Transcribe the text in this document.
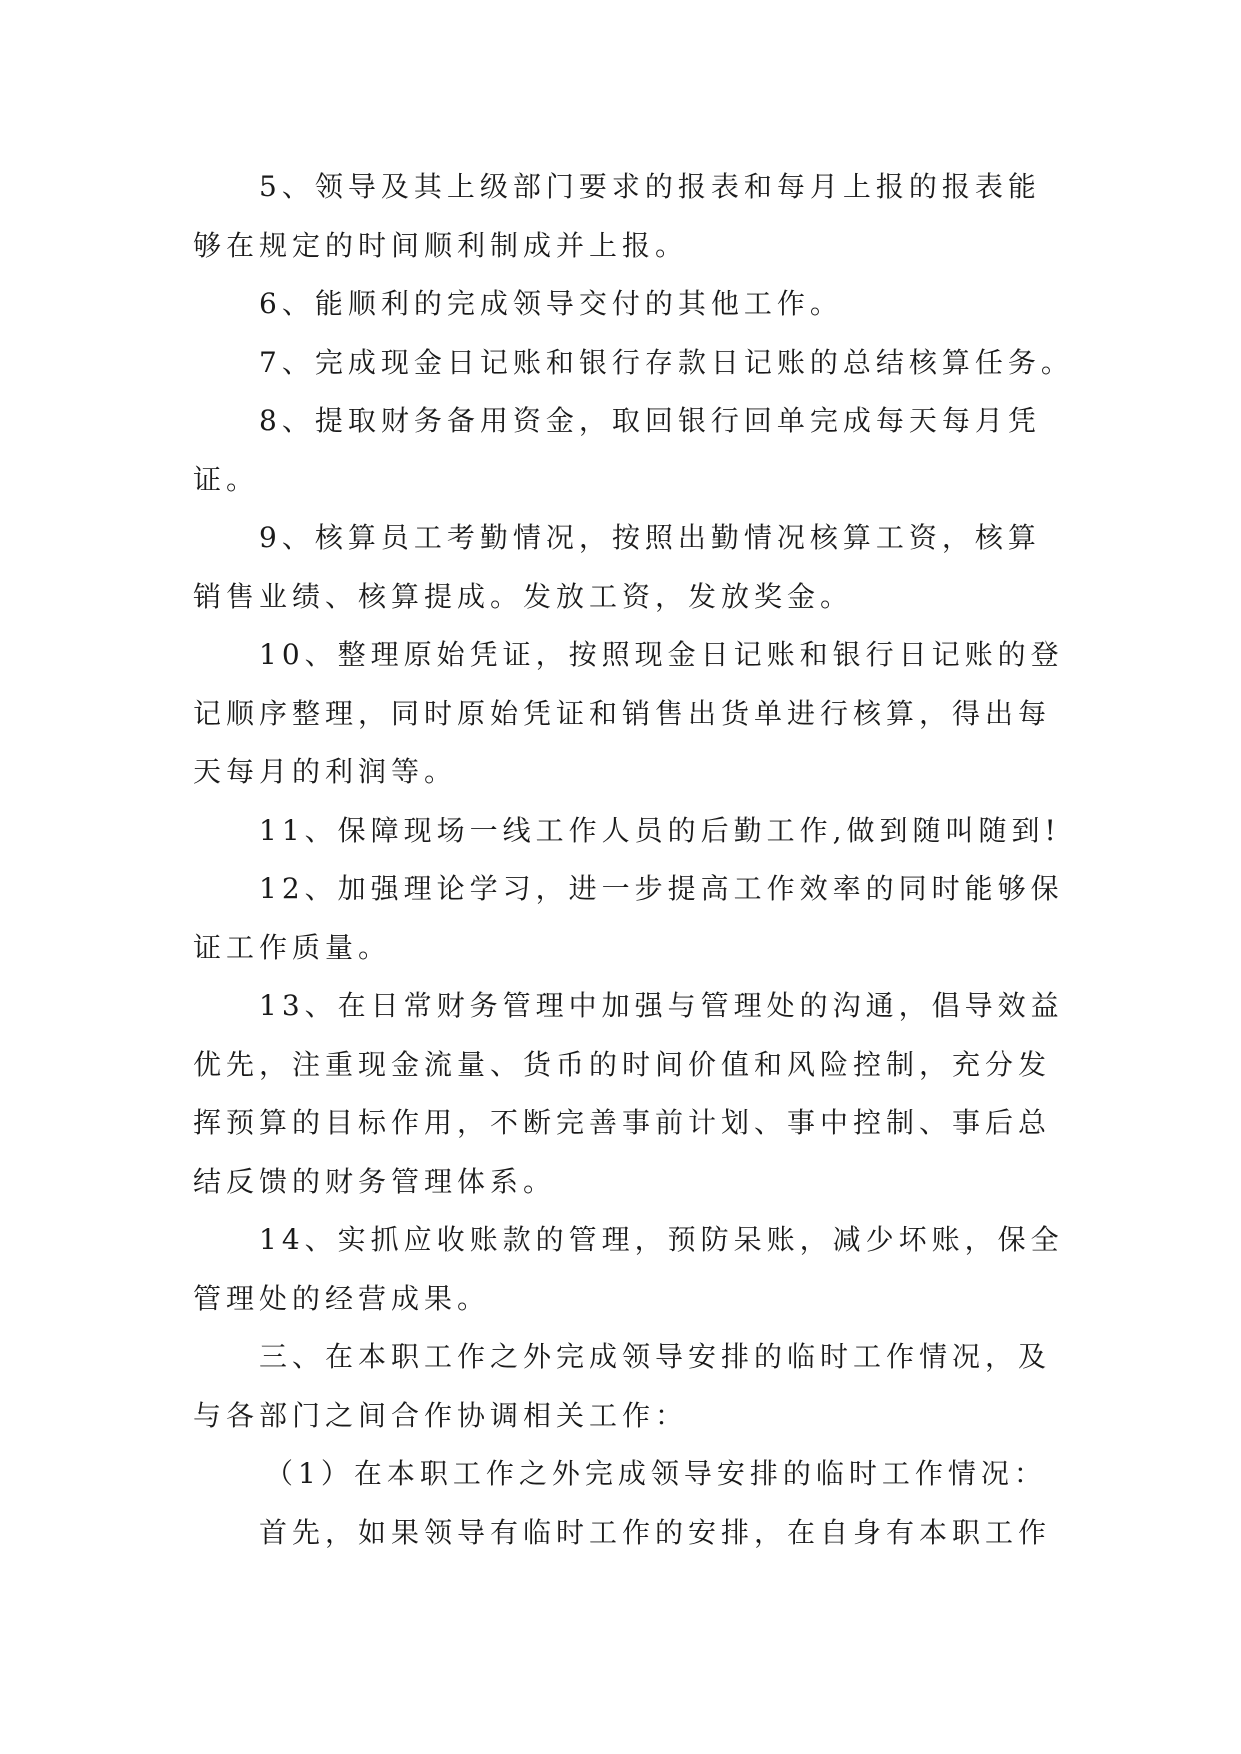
5、领导及其上级部门要求的报表和每月上报的报表能
够在规定的时间顺利制成并上报。
6、能顺利的完成领导交付的其他工作。
7、完成现金日记账和银行存款日记账的总结核算任务。
8、提取财务备用资金，取回银行回单完成每天每月凭
证。
9、核算员工考勤情况，按照出勤情况核算工资，核算
销售业绩、核算提成。发放工资，发放奖金。
10、整理原始凭证，按照现金日记账和银行日记账的登
记顺序整理，同时原始凭证和销售出货单进行核算，得出每
天每月的利润等。
11、保障现场一线工作人员的后勤工作,做到随叫随到!
12、加强理论学习，进一步提高工作效率的同时能够保
证工作质量。
13、在日常财务管理中加强与管理处的沟通，倡导效益
优先，注重现金流量、货币的时间价值和风险控制，充分发
挥预算的目标作用，不断完善事前计划、事中控制、事后总
结反馈的财务管理体系。
14、实抓应收账款的管理，预防呆账，减少坏账，保全
管理处的经营成果。
三、在本职工作之外完成领导安排的临时工作情况，及
与各部门之间合作协调相关工作：
（1）在本职工作之外完成领导安排的临时工作情况：
首先，如果领导有临时工作的安排，在自身有本职工作
